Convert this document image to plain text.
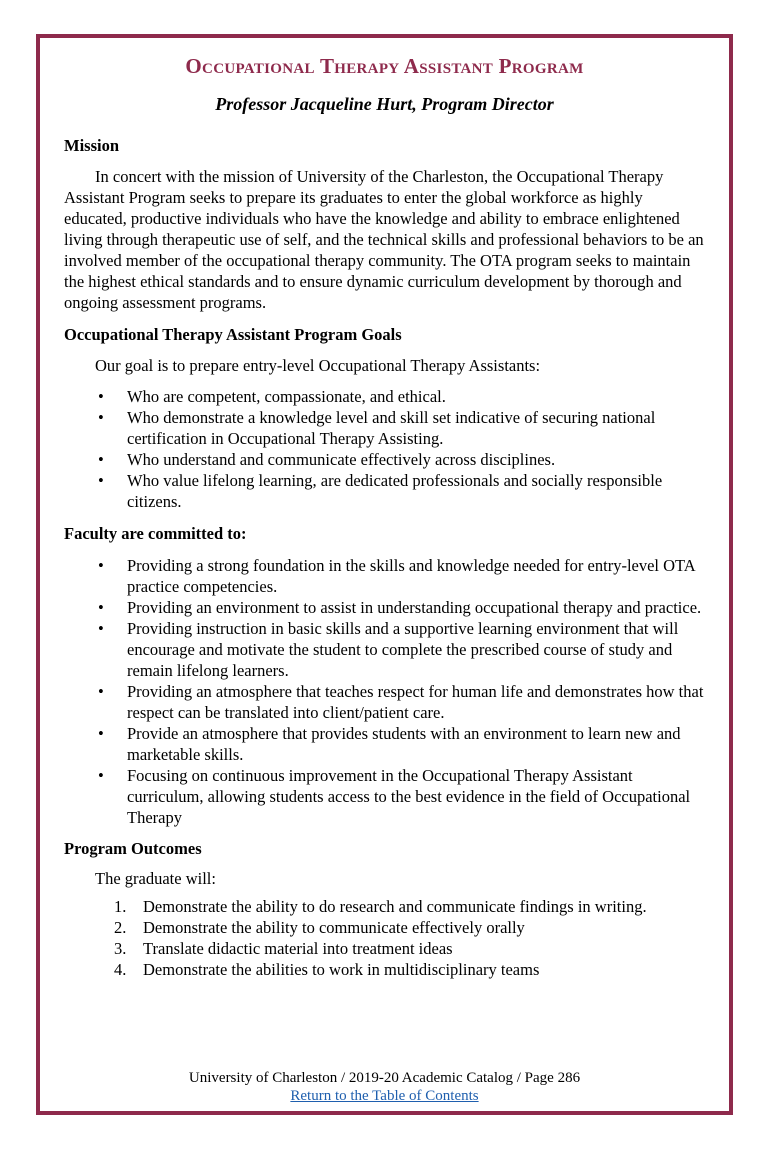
Occupational Therapy Assistant Program
Professor Jacqueline Hurt, Program Director
Mission
In concert with the mission of University of the Charleston, the Occupational Therapy Assistant Program seeks to prepare its graduates to enter the global workforce as highly educated, productive individuals who have the knowledge and ability to embrace enlightened living through therapeutic use of self, and the technical skills and professional behaviors to be an involved member of the occupational therapy community. The OTA program seeks to maintain the highest ethical standards and to ensure dynamic curriculum development by thorough and ongoing assessment programs.
Occupational Therapy Assistant Program Goals
Our goal is to prepare entry-level Occupational Therapy Assistants:
• Who are competent, compassionate, and ethical.
• Who demonstrate a knowledge level and skill set indicative of securing national certification in Occupational Therapy Assisting.
• Who understand and communicate effectively across disciplines.
• Who value lifelong learning, are dedicated professionals and socially responsible citizens.
Faculty are committed to:
• Providing a strong foundation in the skills and knowledge needed for entry-level OTA practice competencies.
• Providing an environment to assist in understanding occupational therapy and practice.
• Providing instruction in basic skills and a supportive learning environment that will encourage and motivate the student to complete the prescribed course of study and remain lifelong learners.
• Providing an atmosphere that teaches respect for human life and demonstrates how that respect can be translated into client/patient care.
• Provide an atmosphere that provides students with an environment to learn new and marketable skills.
• Focusing on continuous improvement in the Occupational Therapy Assistant curriculum, allowing students access to the best evidence in the field of Occupational Therapy
Program Outcomes
The graduate will:
Demonstrate the ability to do research and communicate findings in writing.
Demonstrate the ability to communicate effectively orally
Translate didactic material into treatment ideas
Demonstrate the abilities to work in multidisciplinary teams
University of Charleston / 2019-20 Academic Catalog / Page 286
Return to the Table of Contents
